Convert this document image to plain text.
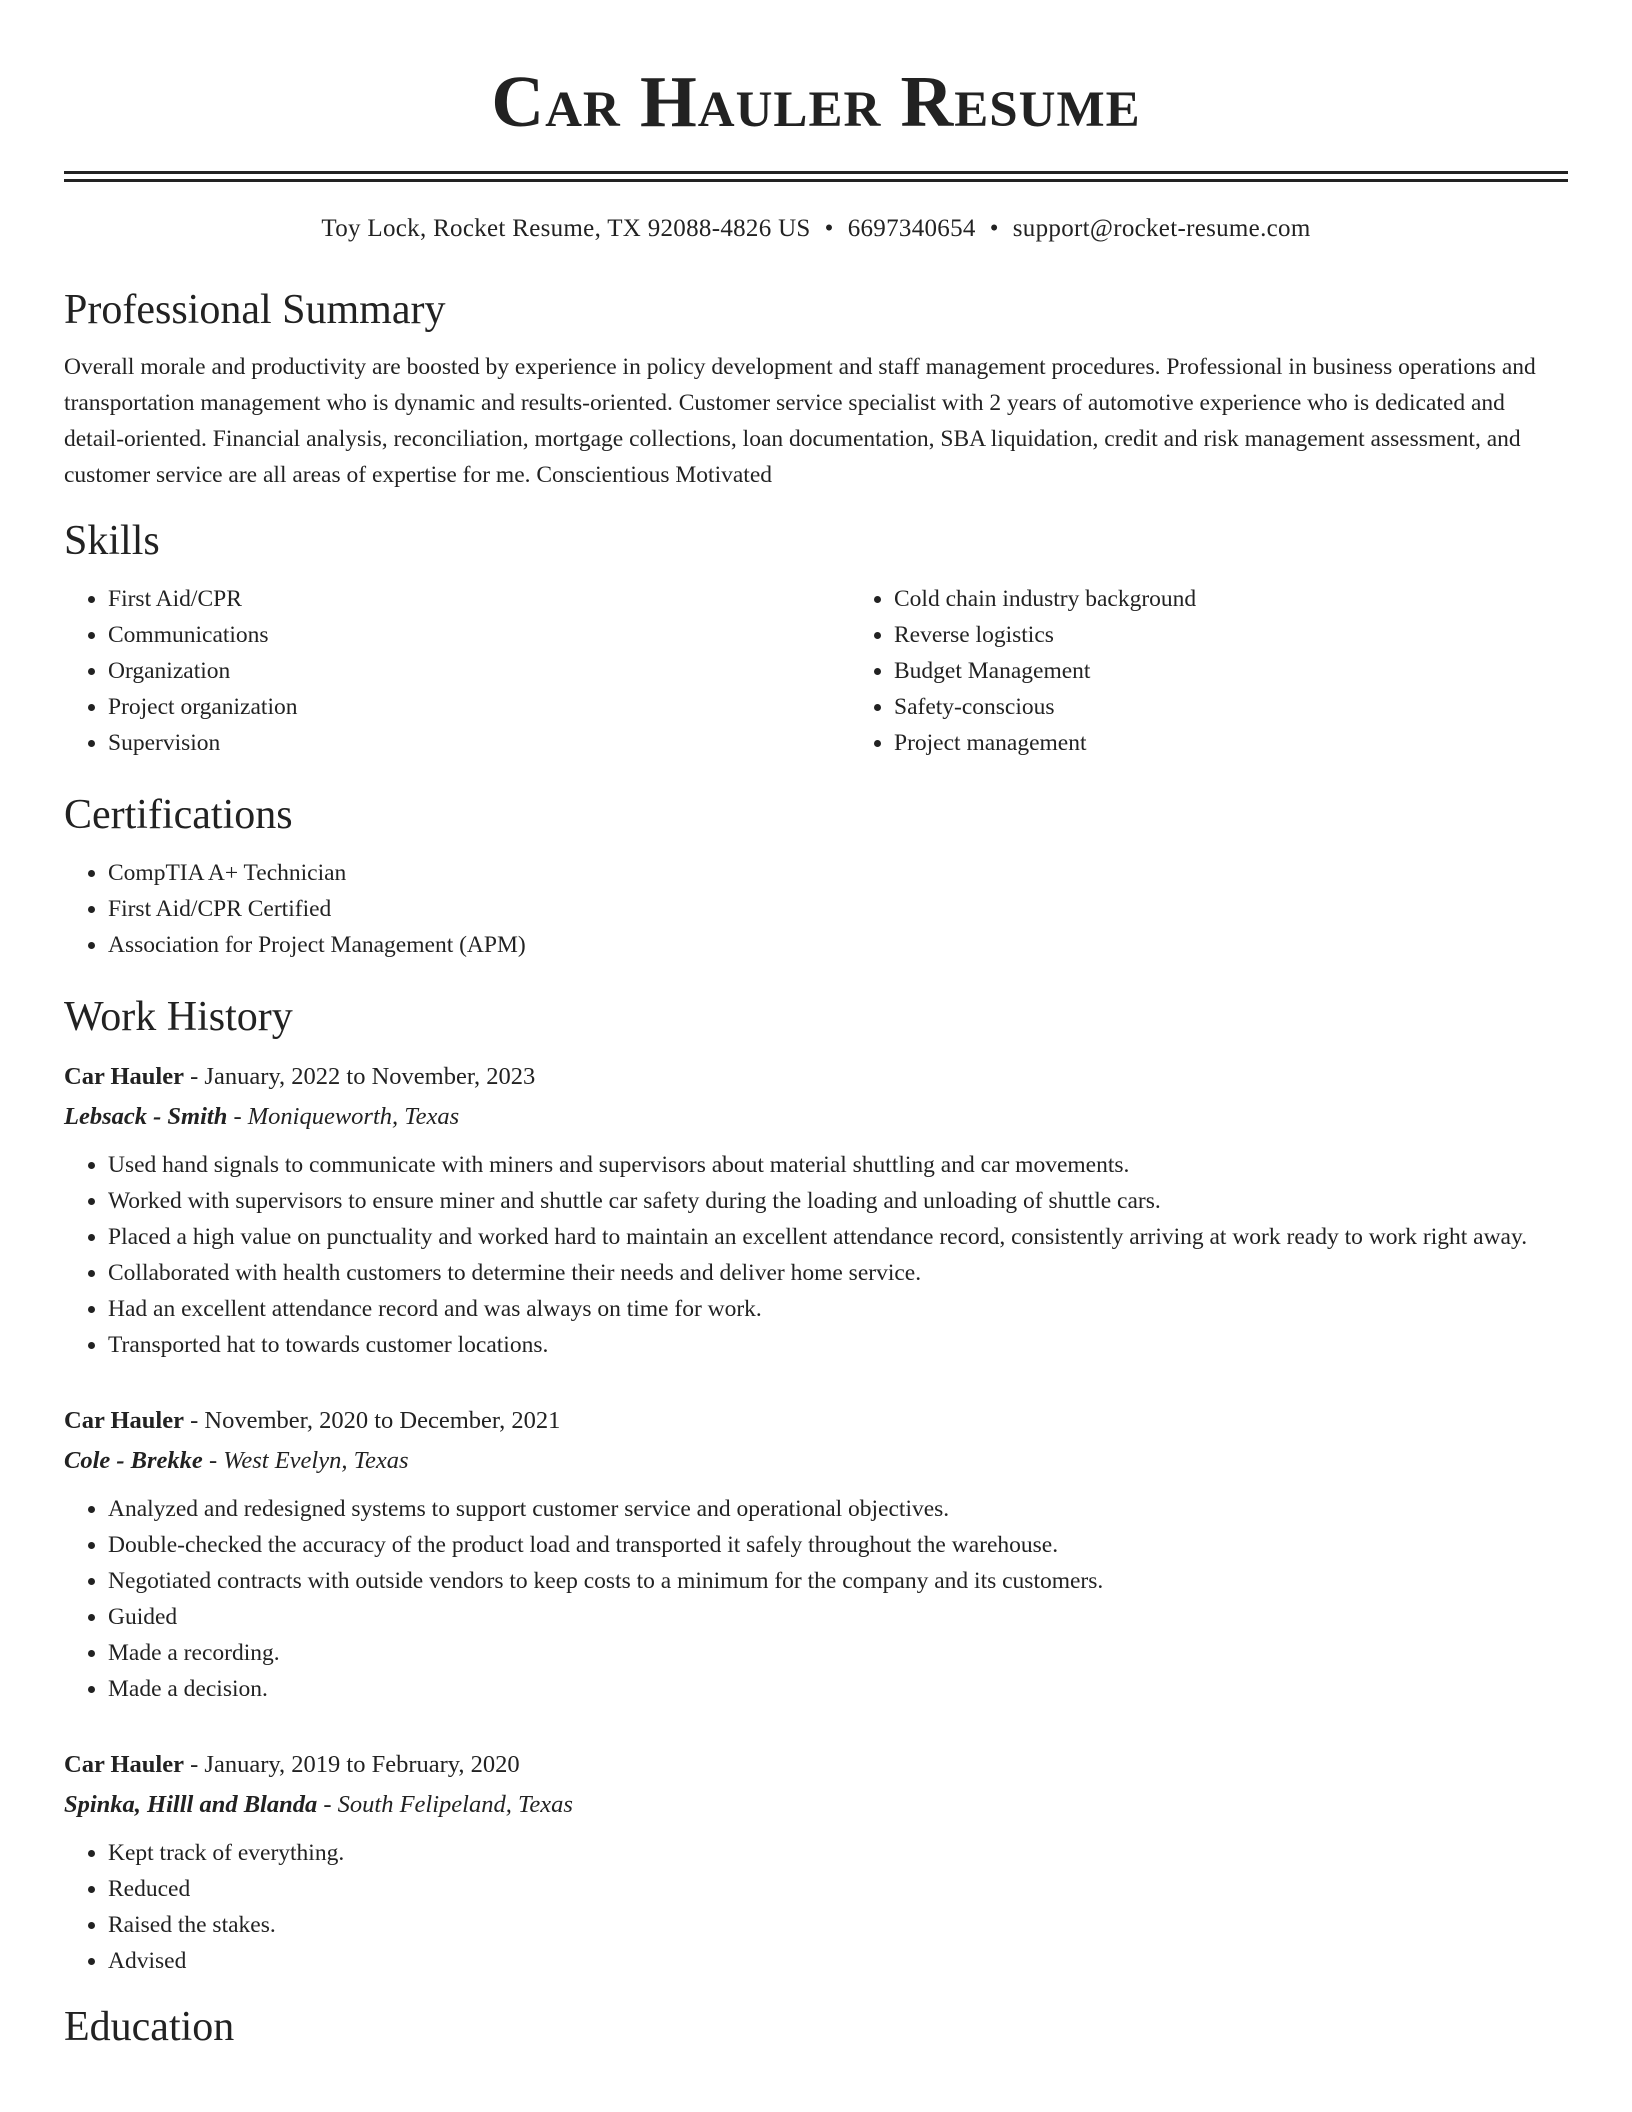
Car Hauler Resume
Toy Lock, Rocket Resume, TX 92088-4826 US • 6697340654 • support@rocket-resume.com
Professional Summary
Overall morale and productivity are boosted by experience in policy development and staff management procedures. Professional in business operations and transportation management who is dynamic and results-oriented. Customer service specialist with 2 years of automotive experience who is dedicated and detail-oriented. Financial analysis, reconciliation, mortgage collections, loan documentation, SBA liquidation, credit and risk management assessment, and customer service are all areas of expertise for me. Conscientious Motivated
Skills
• First Aid/CPR
• Communications
• Organization
• Project organization
• Supervision
• Cold chain industry background
• Reverse logistics
• Budget Management
• Safety-conscious
• Project management
Certifications
• CompTIA A+ Technician
• First Aid/CPR Certified
• Association for Project Management (APM)
Work History
Car Hauler - January, 2022 to November, 2023
Lebsack - Smith - Moniqueworth, Texas
• Used hand signals to communicate with miners and supervisors about material shuttling and car movements.
• Worked with supervisors to ensure miner and shuttle car safety during the loading and unloading of shuttle cars.
• Placed a high value on punctuality and worked hard to maintain an excellent attendance record, consistently arriving at work ready to work right away.
• Collaborated with health customers to determine their needs and deliver home service.
• Had an excellent attendance record and was always on time for work.
• Transported hat to towards customer locations.
Car Hauler - November, 2020 to December, 2021
Cole - Brekke - West Evelyn, Texas
• Analyzed and redesigned systems to support customer service and operational objectives.
• Double-checked the accuracy of the product load and transported it safely throughout the warehouse.
• Negotiated contracts with outside vendors to keep costs to a minimum for the company and its customers.
• Guided
• Made a recording.
• Made a decision.
Car Hauler - January, 2019 to February, 2020
Spinka, Hilll and Blanda - South Felipeland, Texas
• Kept track of everything.
• Reduced
• Raised the stakes.
• Advised
Education
